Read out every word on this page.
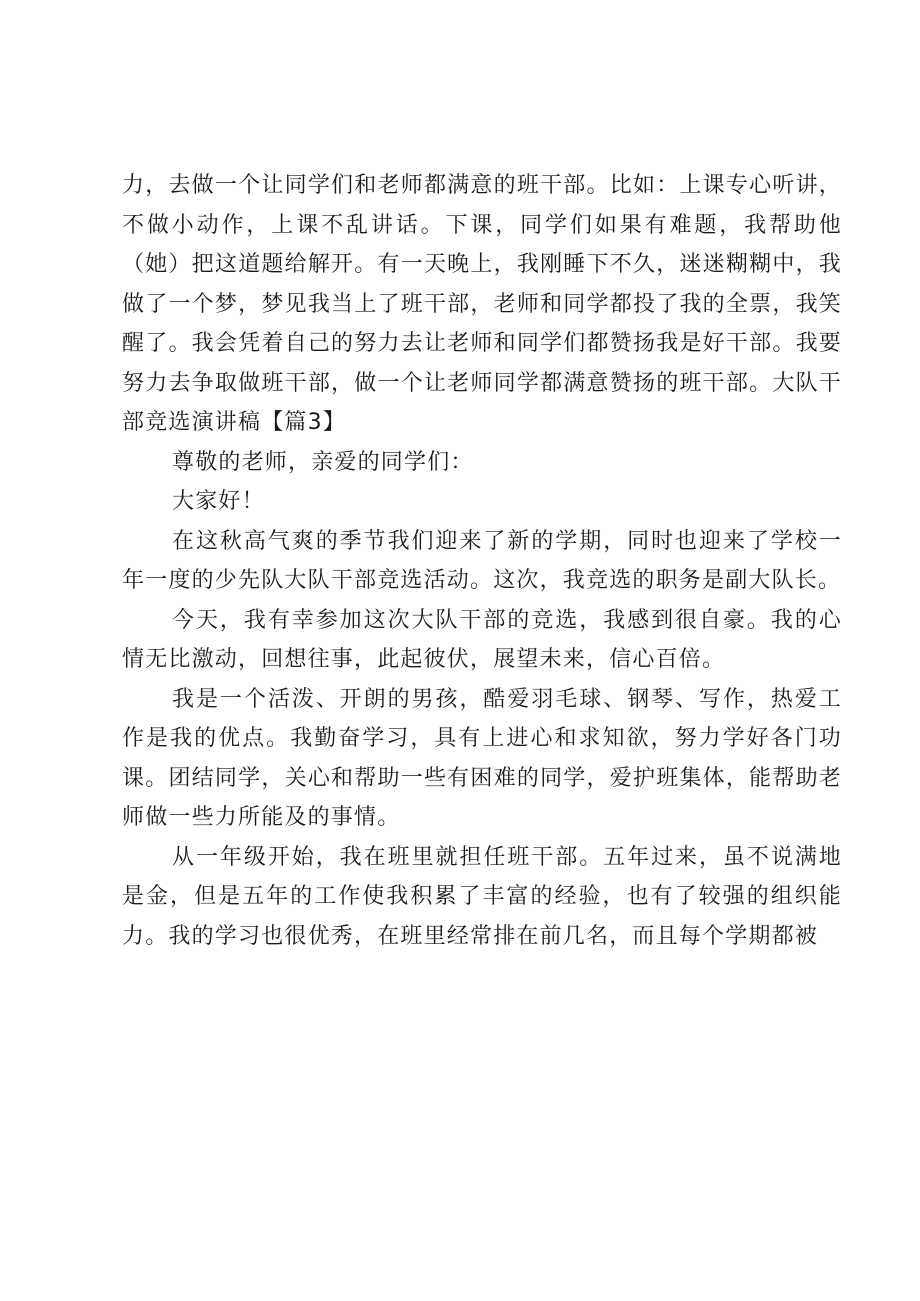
力，去做一个让同学们和老师都满意的班干部。比如：上课专心听讲，不做小动作，上课不乱讲话。下课，同学们如果有难题，我帮助他（她）把这道题给解开。有一天晚上，我刚睡下不久，迷迷糊糊中，我做了一个梦，梦见我当上了班干部，老师和同学都投了我的全票，我笑醒了。我会凭着自己的努力去让老师和同学们都赞扬我是好干部。我要努力去争取做班干部，做一个让老师同学都满意赞扬的班干部。大队干部竞选演讲稿【篇3】

尊敬的老师，亲爱的同学们：

大家好！

在这秋高气爽的季节我们迎来了新的学期，同时也迎来了学校一年一度的少先队大队干部竞选活动。这次，我竞选的职务是副大队长。

今天，我有幸参加这次大队干部的竞选，我感到很自豪。我的心情无比激动，回想往事，此起彼伏，展望未来，信心百倍。

我是一个活泼、开朗的男孩，酷爱羽毛球、钢琴、写作，热爱工作是我的优点。我勤奋学习，具有上进心和求知欲，努力学好各门功课。团结同学，关心和帮助一些有困难的同学，爱护班集体，能帮助老师做一些力所能及的事情。

从一年级开始，我在班里就担任班干部。五年过来，虽不说满地是金，但是五年的工作使我积累了丰富的经验，也有了较强的组织能力。我的学习也很优秀，在班里经常排在前几名，而且每个学期都被
